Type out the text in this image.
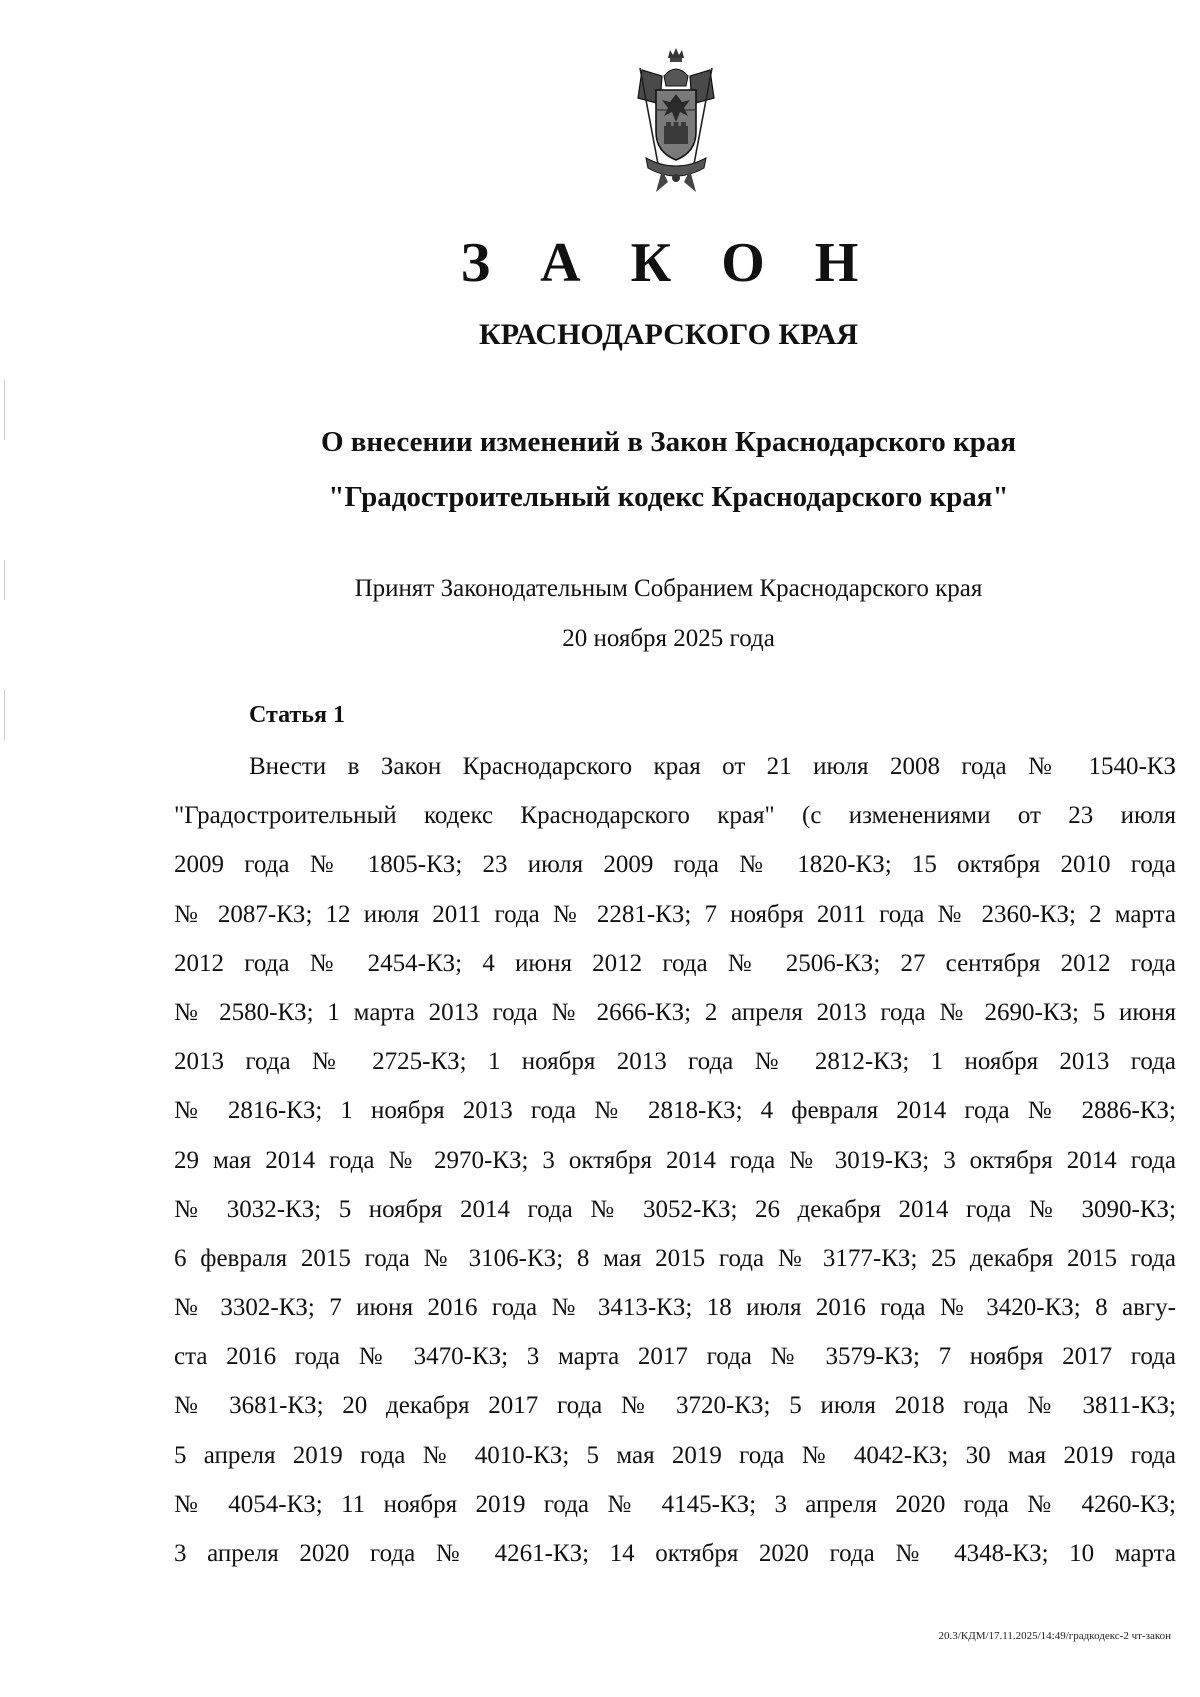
З А К О Н
КРАСНОДАРСКОГО КРАЯ
О внесении изменений в Закон Краснодарского края
"Градостроительный кодекс Краснодарского края"
Принят Законодательным Собранием Краснодарского края
20 ноября 2025 года
Статья 1
Внести в Закон Краснодарского края от 21 июля 2008 года № 1540-КЗ
"Градостроительный кодекс Краснодарского края" (с изменениями от 23 июля
2009 года № 1805-КЗ; 23 июля 2009 года № 1820-КЗ; 15 октября 2010 года
№ 2087-КЗ; 12 июля 2011 года № 2281-КЗ; 7 ноября 2011 года № 2360-КЗ; 2 марта
2012 года № 2454-КЗ; 4 июня 2012 года № 2506-КЗ; 27 сентября 2012 года
№ 2580-КЗ; 1 марта 2013 года № 2666-КЗ; 2 апреля 2013 года № 2690-КЗ; 5 июня
2013 года № 2725-КЗ; 1 ноября 2013 года № 2812-КЗ; 1 ноября 2013 года
№ 2816-КЗ; 1 ноября 2013 года № 2818-КЗ; 4 февраля 2014 года № 2886-КЗ;
29 мая 2014 года № 2970-КЗ; 3 октября 2014 года № 3019-КЗ; 3 октября 2014 года
№ 3032-КЗ; 5 ноября 2014 года № 3052-КЗ; 26 декабря 2014 года № 3090-КЗ;
6 февраля 2015 года № 3106-КЗ; 8 мая 2015 года № 3177-КЗ; 25 декабря 2015 года
№ 3302-КЗ; 7 июня 2016 года № 3413-КЗ; 18 июля 2016 года № 3420-КЗ; 8 авгу-
ста 2016 года № 3470-КЗ; 3 марта 2017 года № 3579-КЗ; 7 ноября 2017 года
№ 3681-КЗ; 20 декабря 2017 года № 3720-КЗ; 5 июля 2018 года № 3811-КЗ;
5 апреля 2019 года № 4010-КЗ; 5 мая 2019 года № 4042-КЗ; 30 мая 2019 года
№ 4054-КЗ; 11 ноября 2019 года № 4145-КЗ; 3 апреля 2020 года № 4260-КЗ;
3 апреля 2020 года № 4261-КЗ; 14 октября 2020 года № 4348-КЗ; 10 марта
20.3/КДМ/17.11.2025/14:49/градкодекс-2 чт-закон
